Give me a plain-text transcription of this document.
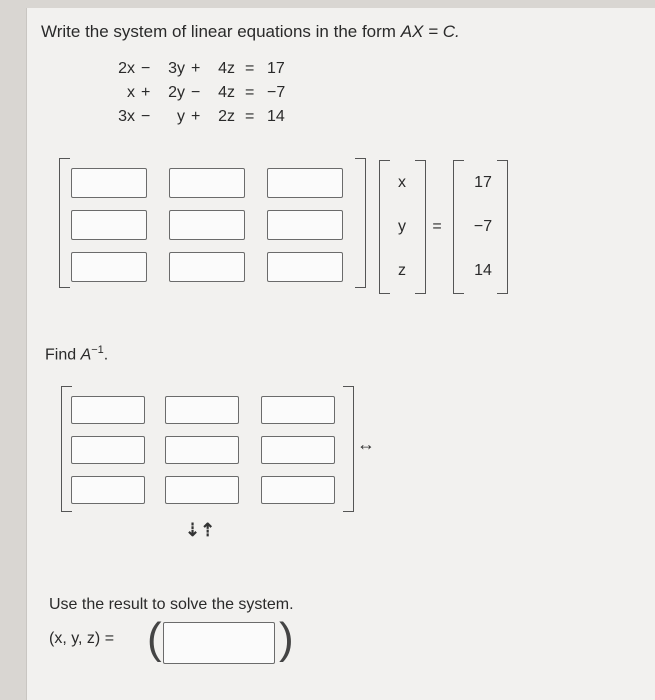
Write the system of linear equations in the form AX = C.
2x −	3y +	4z = 17
x +	2y −	4z = −7
3x −	y +	2z = 14
x
y
z
=
17
−7
14
Find $A^{-1}$.
↔
⇣⇡
Use the result to solve the system.
(x, y, z) = (	)
